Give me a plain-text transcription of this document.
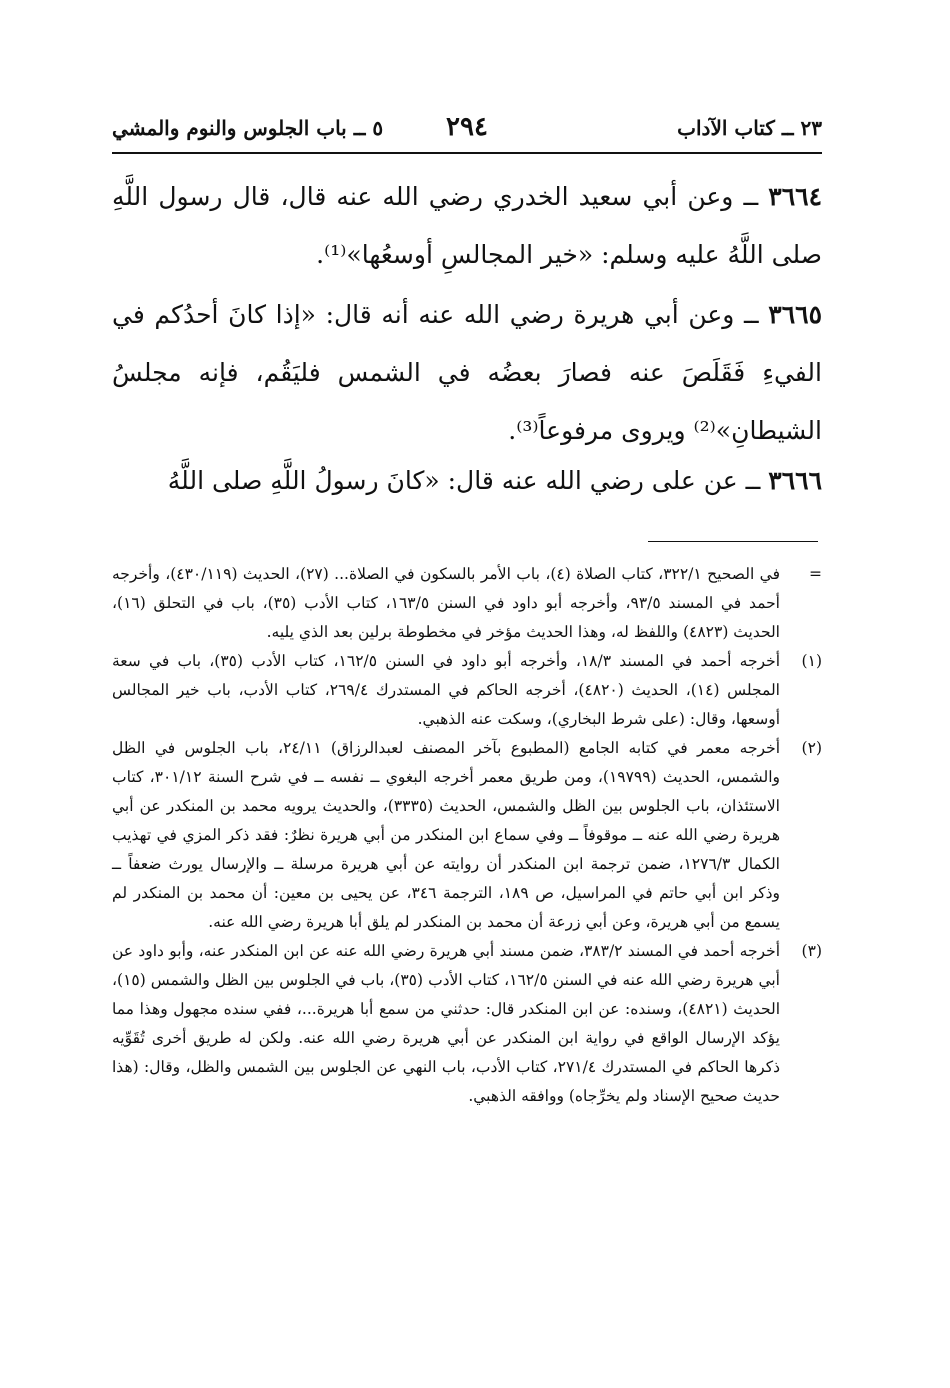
٢٣ ــ كتاب الآداب
٢٩٤
٥ ــ باب الجلوس والنوم والمشي
٣٦٦٤ ــ وعن أبي سعيد الخدري رضي الله عنه قال، قال رسول اللَّهِ صلى اللَّهُ عليه وسلم: «خير المجالسِ أوسعُها»⁽¹⁾.
٣٦٦٥ ــ وعن أبي هريرة رضي الله عنه أنه قال: «إذا كانَ أحدُكم في الفيءِ فَقَلَصَ عنه فصارَ بعضُه في الشمس فليَقُم، فإنه مجلسُ الشيطانِ»⁽²⁾ ويروى مرفوعاً⁽³⁾.
٣٦٦٦ ــ عن على رضي الله عنه قال: «كانَ رسولُ اللَّهِ صلى اللَّهُ
=
في الصحيح ٣٢٢/١، كتاب الصلاة (٤)، باب الأمر بالسكون في الصلاة... (٢٧)، الحديث (٤٣٠/١١٩)، وأخرجه أحمد في المسند ٩٣/٥، وأخرجه أبو داود في السنن ١٦٣/٥، كتاب الأدب (٣٥)، باب في التحلق (١٦)، الحديث (٤٨٢٣) واللفظ له، وهذا الحديث مؤخر في مخطوطة برلين بعد الذي يليه.
(١)
أخرجه أحمد في المسند ١٨/٣، وأخرجه أبو داود في السنن ١٦٢/٥، كتاب الأدب (٣٥)، باب في سعة المجلس (١٤)، الحديث (٤٨٢٠)، أخرجه الحاكم في المستدرك ٢٦٩/٤، كتاب الأدب، باب خير المجالس أوسعها، وقال: (على شرط البخاري)، وسكت عنه الذهبي.
(٢)
أخرجه معمر في كتابه الجامع (المطبوع بآخر المصنف لعبدالرزاق) ٢٤/١١، باب الجلوس في الظل والشمس، الحديث (١٩٧٩٩)، ومن طريق معمر أخرجه البغوي ــ نفسه ــ في شرح السنة ٣٠١/١٢، كتاب الاستئذان، باب الجلوس بين الظل والشمس، الحديث (٣٣٣٥)، والحديث يرويه محمد بن المنكدر عن أبي هريرة رضي الله عنه ــ موقوفاً ــ وفي سماع ابن المنكدر من أبي هريرة نظرٌ: فقد ذكر المزي في تهذيب الكمال ١٢٧٦/٣، ضمن ترجمة ابن المنكدر أن روايته عن أبي هريرة مرسلة ــ والإرسال يورث ضعفاً ــ وذكر ابن أبي حاتم في المراسيل، ص ١٨٩، الترجمة ٣٤٦، عن يحيى بن معين: أن محمد بن المنكدر لم يسمع من أبي هريرة، وعن أبي زرعة أن محمد بن المنكدر لم يلق أبا هريرة رضي الله عنه.
(٣)
أخرجه أحمد في المسند ٣٨٣/٢، ضمن مسند أبي هريرة رضي الله عنه عن ابن المنكدر عنه، وأبو داود عن أبي هريرة رضي الله عنه في السنن ١٦٢/٥، كتاب الأدب (٣٥)، باب في الجلوس بين الظل والشمس (١٥)، الحديث (٤٨٢١)، وسنده: عن ابن المنكدر قال: حدثني من سمع أبا هريرة...، ففي سنده مجهول وهذا مما يؤكد الإرسال الواقع في رواية ابن المنكدر عن أبي هريرة رضي الله عنه. ولكن له طريق أخرى تُقَوِّيه ذكرها الحاكم في المستدرك ٢٧١/٤، كتاب الأدب، باب النهي عن الجلوس بين الشمس والظل، وقال: (هذا حديث صحيح الإسناد ولم يخرِّجاه) ووافقه الذهبي.
